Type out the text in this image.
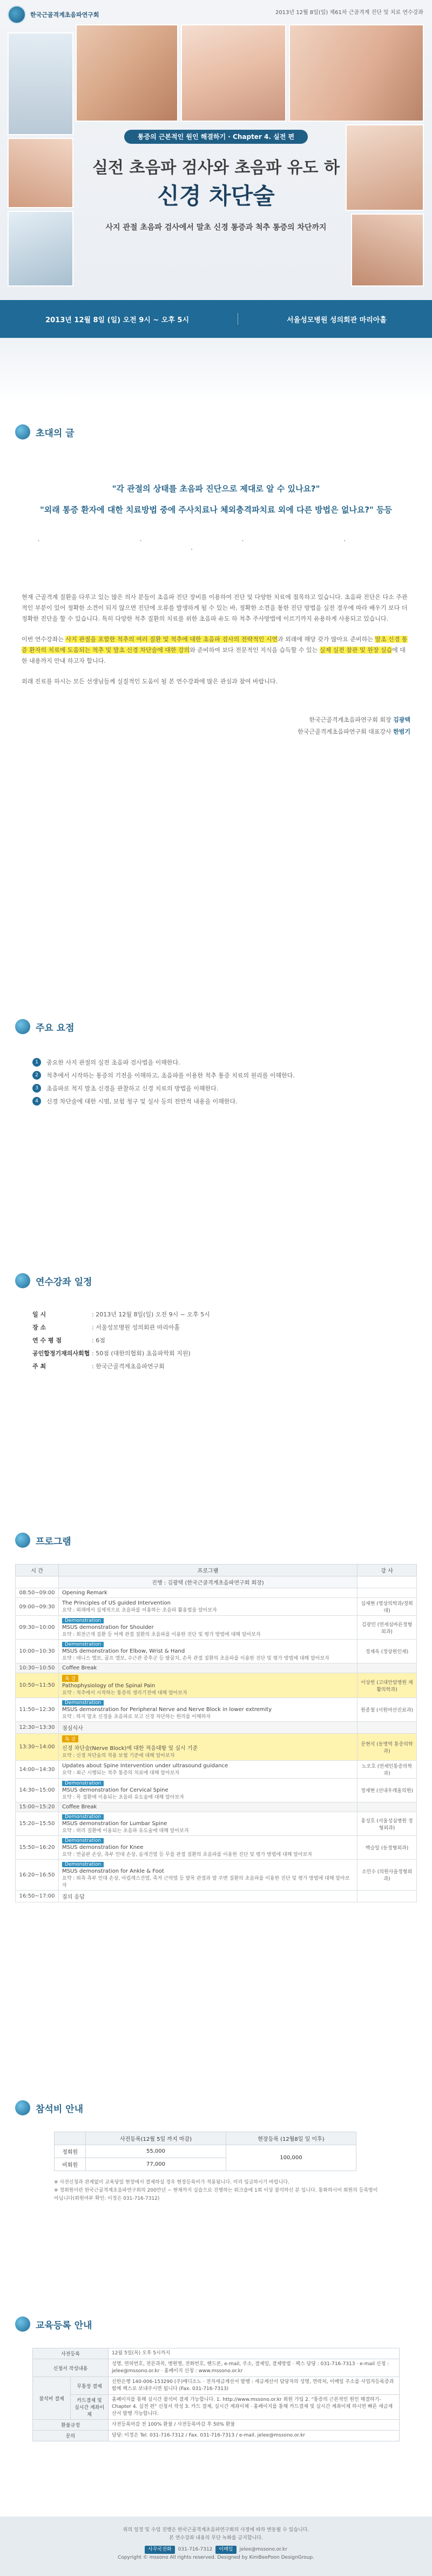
한국근골격계초음파연구회	2013년 12월 8일(일) 제61차 근골격계 진단 및 치료 연수강좌
통증의 근본적인 원인 해결하기 · Chapter 4. 실전 편
실전 초음파 검사와 초음파 유도 하
신경 차단술
사지 관절 초음파 검사에서 말초 신경 통증과 척추 통증의 차단까지
2013년 12월 8일 (일) 오전 9시 ~ 오후 5시	서울성모병원 성의회관 마리아홀
초대의 글
"각 관절의 상태를 초음파 진단으로 제대로 알 수 있나요?"
"외래 통증 환자에 대한 치료방법 중에 주사치료나 체외충격파치료 외에 다른 방법은 없나요?" 등등
· · · · ·

현재 근골격계 질환을 다루고 있는 많은 의사 분들이 초음파 진단 장비를 이용하여 진단 및 다양한 치료에 접목하고 있습니다. 초음파 진단은 다소 주관적인 부분이 있어 정확한 소견이 되지 않으면 진단에 오류를 발생하게 될 수 있는 바, 정확한 소견을 통한 진단 방법을 실전 경우에 따라 배우기 보다 더 정확한 진단을 할 수 있습니다. 특히 다양한 척추 질환의 치료를 위한 초음파 유도 하 척추 주사방법에 이르기까지 유용하게 사용되고 있습니다.

이번 연수강좌는 사지 관절을 포함한 척추의 여러 질환 및 척추에 대한 초음파 검사의 전략적인 시연과 외래에 해당 갖가 많아요 준비하는 말초 신경 통증 환자의 치료에 도움되는 척추 및 말초 신경 차단술에 대한 강의와 준비하여 보다 전문적인 지식을 습득할 수 있는 실제 실전 참관 및 원장 실습에 대한 내용까지 안내 하고자 합니다.

외래 진료를 하시는 모든 선생님들께 실질적인 도움이 될 본 연수강좌에 많은 관심과 참여 바랍니다.

한국근골격계초음파연구회 회장 김광택
한국근골격계초음파연구회 대표강사 한범기
주요 요점
1	중요한 사지 관절의 실전 초음파 검사법을 이해한다.
2	척추에서 시작하는 통증의 기전을 이해하고, 초음파를 이용한 척추 통증 치료의 원리를 이해한다.
3	초음파로 척지 말초 신경을 관찰하고 신경 치료의 방법을 이해한다.
4	신경 차단술에 대한 시범, 보험 청구 및 실사 등의 전반적 내용을 이해한다.
연수강좌 일정
일 시	: 2013년 12월 8일(일) 오전 9시 ~ 오후 5시
장 소	: 서울성모병원 성의회관 마리아홀
연 수 평 점	: 6점
공인합정기재의사회협 : 50점 (대한의협회) 초음파학회 지원)
주 최	: 한국근골격계초음파연구회
프로그램
시 간	프로그램	강 사
	진행 : 김광택 (한국근골격계초음파연구회 회장)	
08:50~09:00	Opening Remark	

09:00~09:30	The Principles of US guided Intervention
요약 : 외래에서 실제적으로 초음파를 이용하는 초음파 활용법을 알아보자	심재현 (영상의학과/경희대)
09:30~10:00	Demonstration
MSUS demonstration for Shoulder
요약 : 회전근개 질환 등 어깨 관절 질환의 초음파를 이용한 진단 및 평가 방법에 대해 알아보자	김광민 (연세심바른정형외과)
10:00~10:30	Demonstration
MSUS demonstration for Elbow, Wrist & Hand
요약 : 테니스 엘보, 골프 엘보, 수근관 증후군 등 팔꿈치, 손목 관절 질환의 초음파를 이용한 진단 및 평가 방법에 대해 알아보자	정재욱 (정상원인제)
10:30~10:50	Coffee Break	

10:50~11:50	특 강
Pathophysiology of the Spinal Pain
요약 : 척추에서 시작하는 통증의 생리기전에 대해 알아보자	이상헌 (고대안암병원 재활의학과)
11:50~12:30	Demonstration
MSUS demonstration for Peripheral Nerve and Nerve Block in lower extremity
요약 : 하지 말초 신경을 초음파로 보고 신경 차단하는 원리를 이해하자	원종철 (서원마산진료과)
12:30~13:30	점심식사	

13:30~14:00	특 강
신경 차단술(Nerve Block)에 대한 적응대항 및 실시 기준
요약 : 신경 차단술의 적용 보험 기준에 대해 알아보자	문현석 (동명역 통증의학과)
14:00~14:30	Updates about Spine Intervention under ultrasound guidance
요약 : 최근 시행되는 척추 통증의 치료에 대해 알아보자	노오호 (연세인통증의학과)
14:30~15:00	Demonstration
MSUS demonstration for Cervical Spine
요약 : 목 질환에 이용되는 초음파 유도술에 대해 알아보자	정재현 (선내우레울의원)
15:00~15:20	Coffee Break	

15:20~15:50	Demonstration
MSUS demonstration for Lumbar Spine
요약 : 허리 질환에 이용되는 초음파 유도술에 대해 알아보자	홍성호 (서울성심병원 정형외과)
15:50~16:20	Demonstration
MSUS demonstration for Knee
요약 : 연골판 손상, 측부 인대 손상, 슬개건염 등 무릎 관절 질환의 초음파를 이용한 진단 및 평가 방법에 대해 알아보자	백승일 (동정형외과)
16:20~16:50	Demonstration
MSUS demonstration for Ankle & Foot
요약 : 외측 측부 인대 손상, 아킬레스건염, 족저 근막염 등 발목 관절과 발 주변 질환의 초음파를 이용한 진단 및 평가 방법에 대해 알아보자	소민수 (의원사을정형외과)
16:50~17:00	질의 응답	

참석비 안내
	사전등록(12월 5일 까지 마감)	현장등록 (12월8일 일 이후)
정회원	55,000	100,000
비회원	77,000	
※ 사전신청과 관계없이 교육당일 현장에서 결제하실 경우 현장등록비가 적용됨니다. 미리 입금하시기 바랍니다.
※ 정회원이란 한국근골격계초음파연구회의 200만년 ~ 현재까지 실습으로 진행하는 워크숍에 1회 이상 참석하신 분 입니다. 통화하시어 회원의 등록방이 아닙니다(회원여부 확인: 이정은 031-716-7312)
교육등록 안내
사전등록		12월 5일(목) 오후 5시까지
신청서 작성내용		성명, 면허번호, 전문과목, 병원명, 전화번호, 핸드폰, e-mail, 주소, 결제일, 결제방법 · 팩스 담당 : 031-716-7313 · e-mail 신청 : jelee@mssono.or.kr · 홈페이지 신청 : www.mssono.or.kr
참석비 결제	무통장 결제	신한은행 140-006-153290 (주)메디소노 · 전자세금계산서 발행 : 세금계산서 담당자의 성명, 연락처, 이메일 주소를 사업자등록증과 함께 팩스로 보내주시면 됩니다 (Fax. 031-716-7313)
	카드결제 및 실시간 계좌이체	홈페이지를 통해 실시간 참석비 결제 가능합니다. 1. http://www.mssono.or.kr 회원 가입 2. "통증의 근본적인 원인 해결하기-Chapter 4. 실전 편" 신청서 작성 3. 카드 결제, 실시간 계좌이체 · 홈페이지를 통해 카드결제 및 실시간 계좌이체 하시면 빠른 세금계산서 발행 가능합니다.
환불규정		사전등록마감 전 100% 환불 / 사전등록마감 후 50% 환불
문의		담당: 이정은 Tel. 031-716-7312 / Fax. 031-716-7313 / e-mail. jelee@mssono.or.kr
위의 일정 및 수업 진행은 한국근골격계초음파연구회의 사정에 따라 변동될 수 있습니다.
본 연수강좌 내용의 무단 녹화를 금지합니다.
사무국전화	031-716-7312	이메일	jelee@mssono.or.kr
Copyright © mssono All rights reserved. Designed by KimBeePoon DesignGroup.
